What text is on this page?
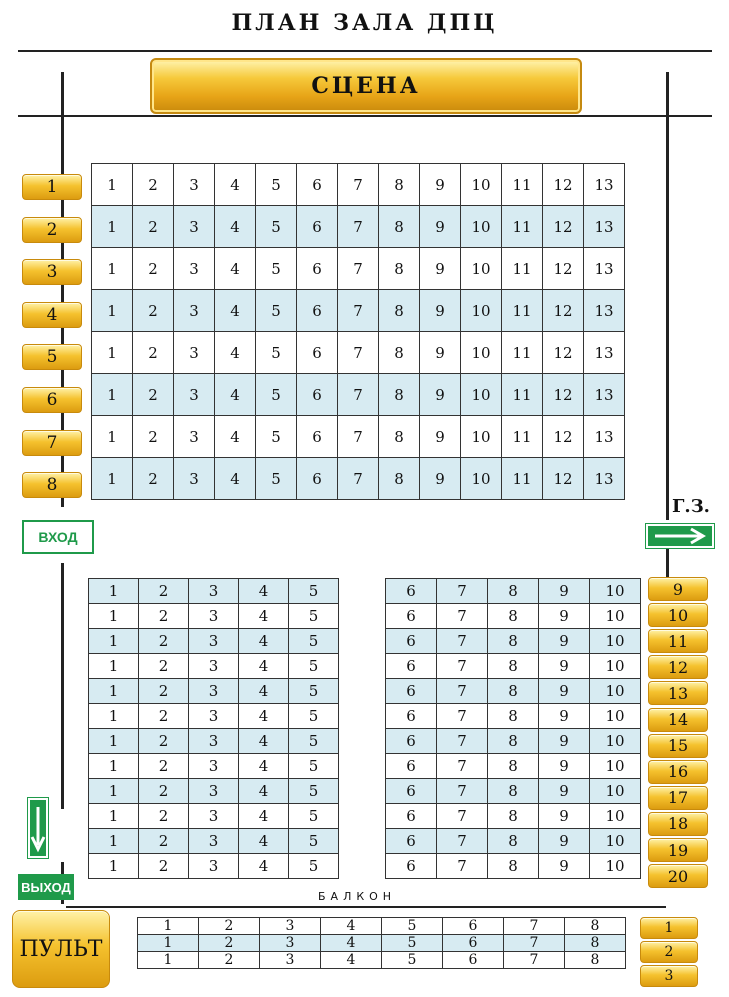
ПЛАН ЗАЛА ДПЦ
СЦЕНА
1
2
3
4
5
6
7
8
1	2	3	4	5	6	7	8	9	10	11	12	13
1	2	3	4	5	6	7	8	9	10	11	12	13
1	2	3	4	5	6	7	8	9	10	11	12	13
1	2	3	4	5	6	7	8	9	10	11	12	13
1	2	3	4	5	6	7	8	9	10	11	12	13
1	2	3	4	5	6	7	8	9	10	11	12	13
1	2	3	4	5	6	7	8	9	10	11	12	13
1	2	3	4	5	6	7	8	9	10	11	12	13
ВХОД
Г.З.
1	2	3	4	5
1	2	3	4	5
1	2	3	4	5
1	2	3	4	5
1	2	3	4	5
1	2	3	4	5
1	2	3	4	5
1	2	3	4	5
1	2	3	4	5
1	2	3	4	5
1	2	3	4	5
1	2	3	4	5
6	7	8	9	10
6	7	8	9	10
6	7	8	9	10
6	7	8	9	10
6	7	8	9	10
6	7	8	9	10
6	7	8	9	10
6	7	8	9	10
6	7	8	9	10
6	7	8	9	10
6	7	8	9	10
6	7	8	9	10
9
10
11
12
13
14
15
16
17
18
19
20
ВЫХОД
БАЛКОН
ПУЛЬТ
1	2	3	4	5	6	7	8
1	2	3	4	5	6	7	8
1	2	3	4	5	6	7	8
1
2
3
